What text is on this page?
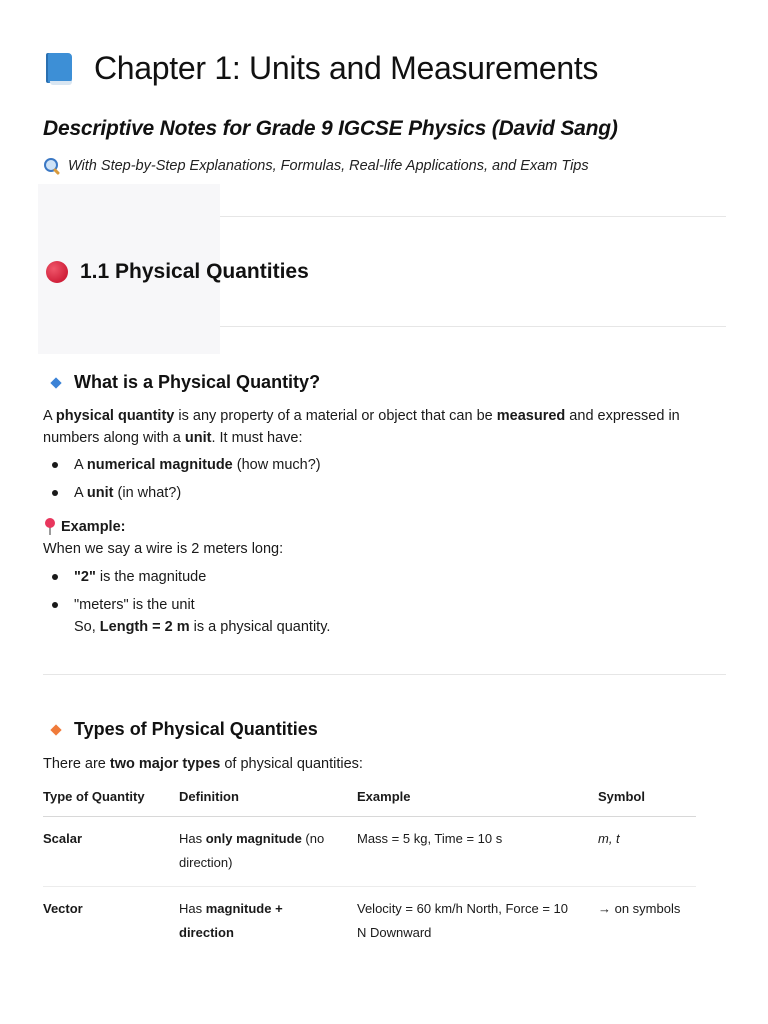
Chapter 1: Units and Measurements
Descriptive Notes for Grade 9 IGCSE Physics (David Sang)
With Step-by-Step Explanations, Formulas, Real-life Applications, and Exam Tips
1.1 Physical Quantities
What is a Physical Quantity?
A physical quantity is any property of a material or object that can be measured and expressed in numbers along with a unit. It must have:
A numerical magnitude (how much?)
A unit (in what?)
Example:
When we say a wire is 2 meters long:
"2" is the magnitude
"meters" is the unit
So, Length = 2 m is a physical quantity.
Types of Physical Quantities
There are two major types of physical quantities:
Type of Quantity	Definition	Example	Symbol
Scalar	Has only magnitude (no direction)	Mass = 5 kg, Time = 10 s	m, t
Vector	Has magnitude + direction	Velocity = 60 km/h North, Force = 10 N Downward	→ on symbols
